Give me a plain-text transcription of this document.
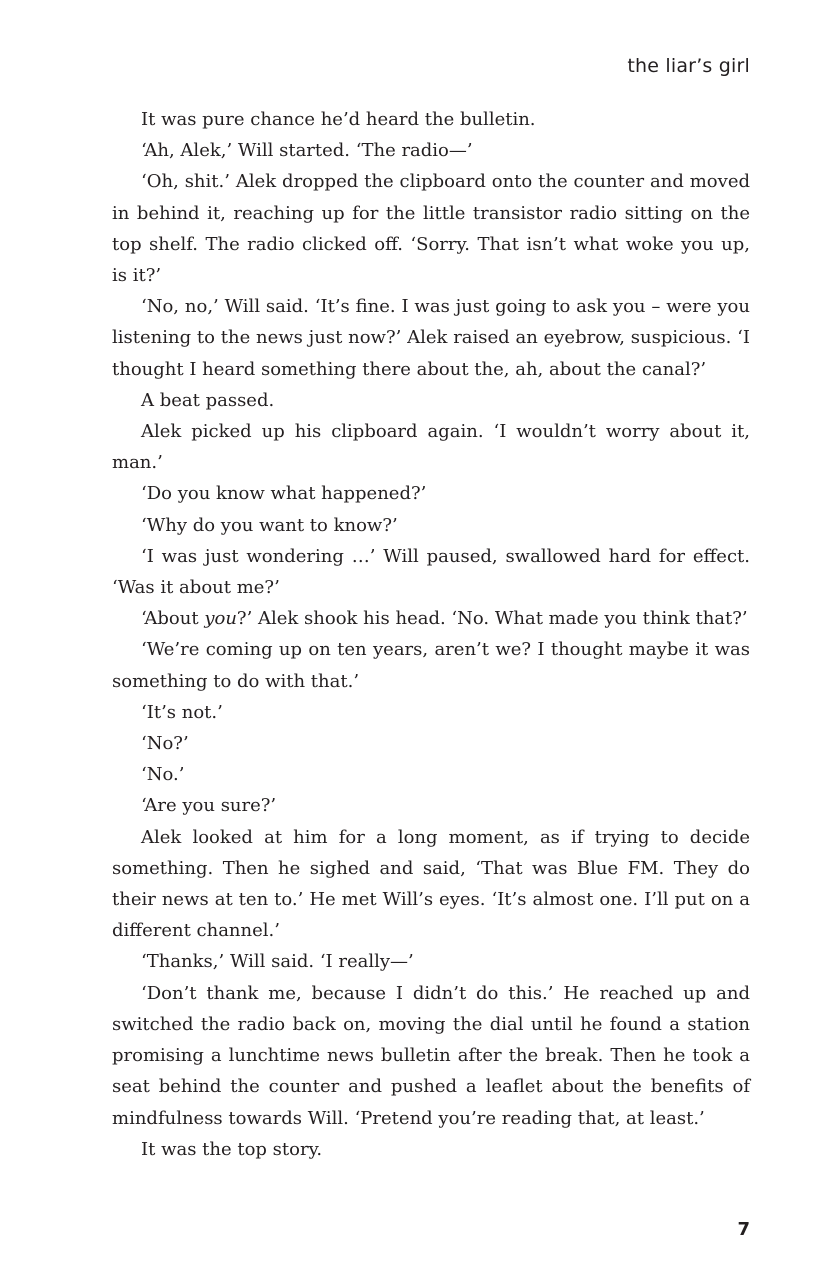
the liar’s girl

It was pure chance he’d heard the bulletin.

‘Ah, Alek,’ Will started. ‘The radio—’

‘Oh, shit.’ Alek dropped the clipboard onto the counter and moved in behind it, reaching up for the little transistor radio sitting on the top shelf. The radio clicked off. ‘Sorry. That isn’t what woke you up, is it?’

‘No, no,’ Will said. ‘It’s fine. I was just going to ask you – were you listening to the news just now?’ Alek raised an eyebrow, suspicious. ‘I thought I heard something there about the, ah, about the canal?’

A beat passed.

Alek picked up his clipboard again. ‘I wouldn’t worry about it, man.’

‘Do you know what happened?’

‘Why do you want to know?’

‘I was just wondering …’ Will paused, swallowed hard for effect. ‘Was it about me?’

‘About you?’ Alek shook his head. ‘No. What made you think that?’

‘We’re coming up on ten years, aren’t we? I thought maybe it was something to do with that.’

‘It’s not.’

‘No?’

‘No.’

‘Are you sure?’

Alek looked at him for a long moment, as if trying to decide something. Then he sighed and said, ‘That was Blue FM. They do their news at ten to.’ He met Will’s eyes. ‘It’s almost one. I’ll put on a different channel.’

‘Thanks,’ Will said. ‘I really—’

‘Don’t thank me, because I didn’t do this.’ He reached up and switched the radio back on, moving the dial until he found a station promising a lunchtime news bulletin after the break. Then he took a seat behind the counter and pushed a leaflet about the benefits of mindfulness towards Will. ‘Pretend you’re reading that, at least.’

It was the top story.

7
